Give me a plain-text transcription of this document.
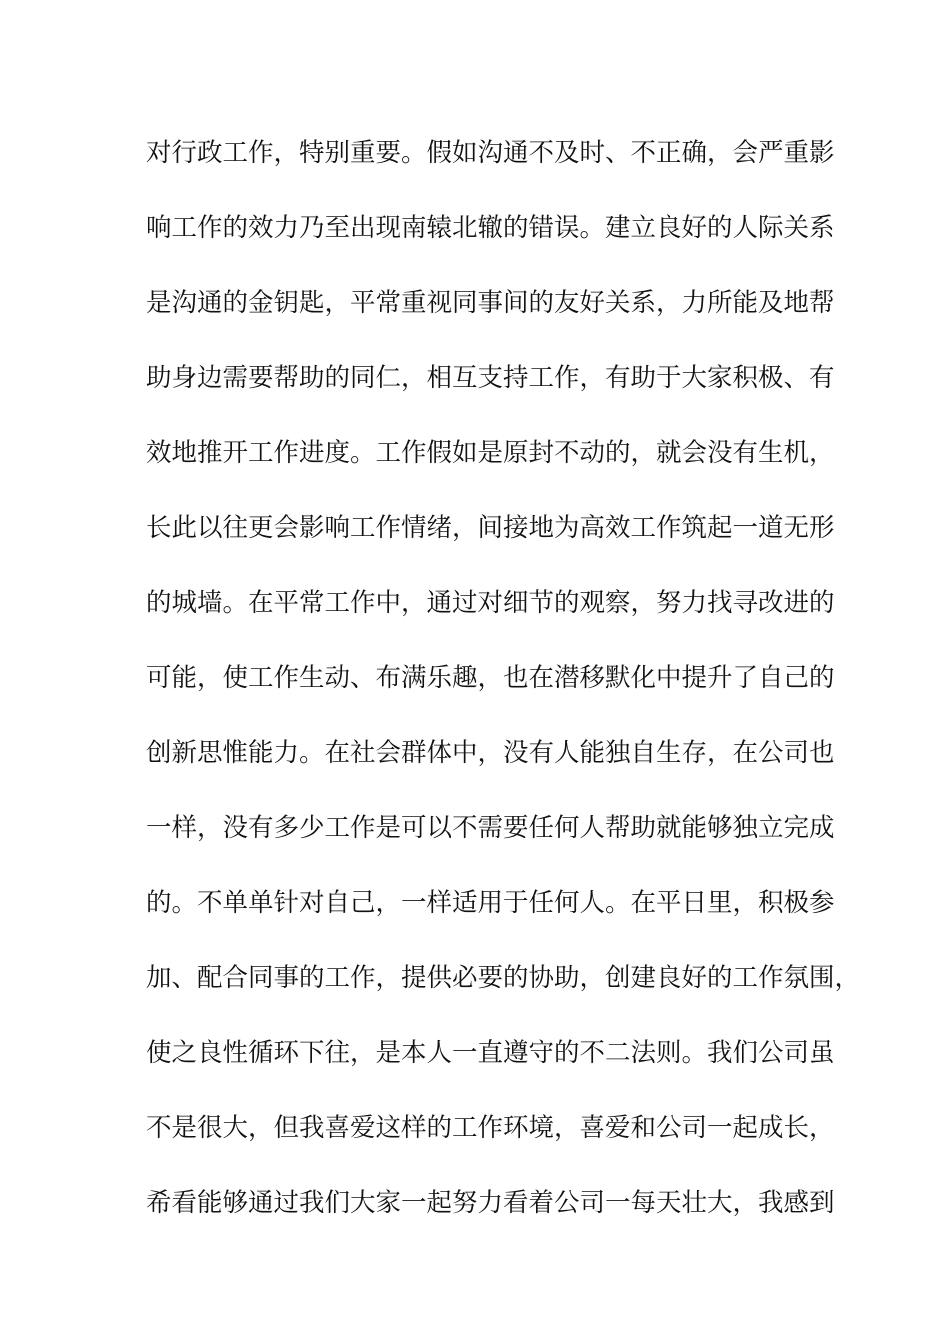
对行政工作，特别重要。假如沟通不及时、不正确，会严重影
响工作的效力乃至出现南辕北辙的错误。建立良好的人际关系
是沟通的金钥匙，平常重视同事间的友好关系，力所能及地帮
助身边需要帮助的同仁，相互支持工作，有助于大家积极、有
效地推开工作进度。工作假如是原封不动的，就会没有生机，
长此以往更会影响工作情绪，间接地为高效工作筑起一道无形
的城墙。在平常工作中，通过对细节的观察，努力找寻改进的
可能，使工作生动、布满乐趣，也在潜移默化中提升了自己的
创新思惟能力。在社会群体中，没有人能独自生存，在公司也
一样，没有多少工作是可以不需要任何人帮助就能够独立完成
的。不单单针对自己，一样适用于任何人。在平日里，积极参
加、配合同事的工作，提供必要的协助，创建良好的工作氛围，
使之良性循环下往，是本人一直遵守的不二法则。我们公司虽
不是很大，但我喜爱这样的工作环境，喜爱和公司一起成长，
希看能够通过我们大家一起努力看着公司一每天壮大，我感到
